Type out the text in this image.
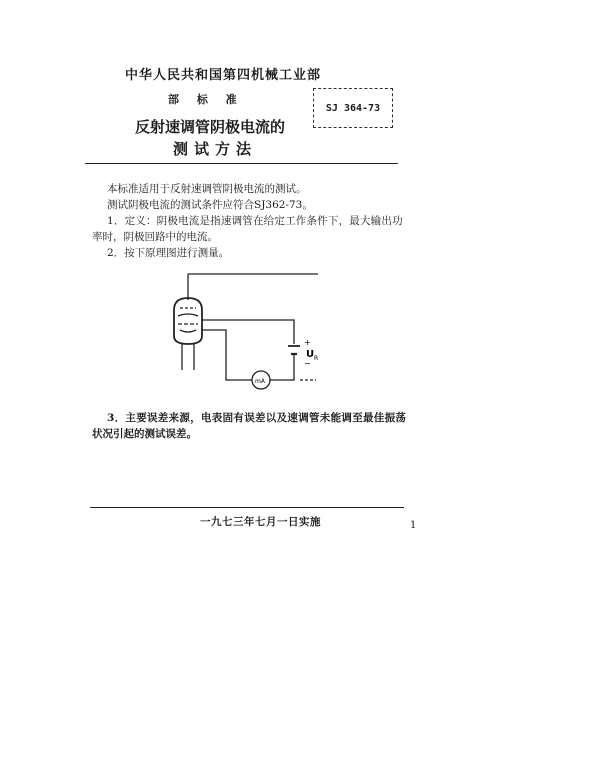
中华人民共和国第四机械工业部
部 标 准
反射速调管阴极电流的
测试方法
SJ 364-73
本标准适用于反射速调管阴极电流的测试。
测试阴极电流的测试条件应符合SJ362-73。
1．定义：阴极电流是指速调管在给定工作条件下，最大输出功
率时，阴极回路中的电流。
2．按下原理图进行测量。
+
U R
−
mA
3．主要误差来源，电表固有误差以及速调管未能调至最佳振荡
状况引起的测试误差。
一九七三年七月一日实施	1
